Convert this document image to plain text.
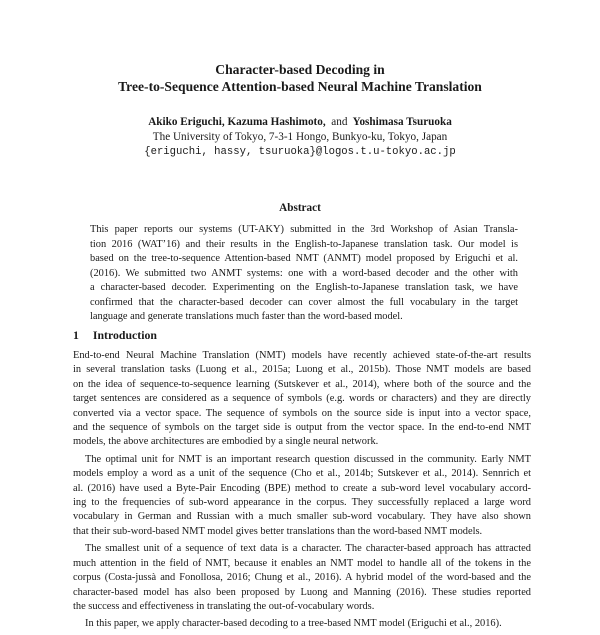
Character-based Decoding in
Tree-to-Sequence Attention-based Neural Machine Translation
Akiko Eriguchi, Kazuma Hashimoto, and Yoshimasa Tsuruoka
The University of Tokyo, 7-3-1 Hongo, Bunkyo-ku, Tokyo, Japan
{eriguchi, hassy, tsuruoka}@logos.t.u-tokyo.ac.jp
Abstract
This paper reports our systems (UT-AKY) submitted in the 3rd Workshop of Asian Transla-
tion 2016 (WAT’16) and their results in the English-to-Japanese translation task. Our model is
based on the tree-to-sequence Attention-based NMT (ANMT) model proposed by Eriguchi et al.
(2016). We submitted two ANMT systems: one with a word-based decoder and the other with
a character-based decoder. Experimenting on the English-to-Japanese translation task, we have
confirmed that the character-based decoder can cover almost the full vocabulary in the target
language and generate translations much faster than the word-based model.
1 Introduction

End-to-end Neural Machine Translation (NMT) models have recently achieved state-of-the-art results
in several translation tasks (Luong et al., 2015a; Luong et al., 2015b). Those NMT models are based
on the idea of sequence-to-sequence learning (Sutskever et al., 2014), where both of the source and the
target sentences are considered as a sequence of symbols (e.g. words or characters) and they are directly
converted via a vector space. The sequence of symbols on the source side is input into a vector space,
and the sequence of symbols on the target side is output from the vector space. In the end-to-end NMT
models, the above architectures are embodied by a single neural network.

The optimal unit for NMT is an important research question discussed in the community. Early NMT
models employ a word as a unit of the sequence (Cho et al., 2014b; Sutskever et al., 2014). Sennrich et
al. (2016) have used a Byte-Pair Encoding (BPE) method to create a sub-word level vocabulary accord-
ing to the frequencies of sub-word appearance in the corpus. They successfully replaced a large word
vocabulary in German and Russian with a much smaller sub-word vocabulary. They have also shown
that their sub-word-based NMT model gives better translations than the word-based NMT models.

The smallest unit of a sequence of text data is a character. The character-based approach has attracted
much attention in the field of NMT, because it enables an NMT model to handle all of the tokens in the
corpus (Costa-jussà and Fonollosa, 2016; Chung et al., 2016). A hybrid model of the word-based and the
character-based model has also been proposed by Luong and Manning (2016). These studies reported
the success and effectiveness in translating the out-of-vocabulary words.

In this paper, we apply character-based decoding to a tree-based NMT model (Eriguchi et al., 2016).
